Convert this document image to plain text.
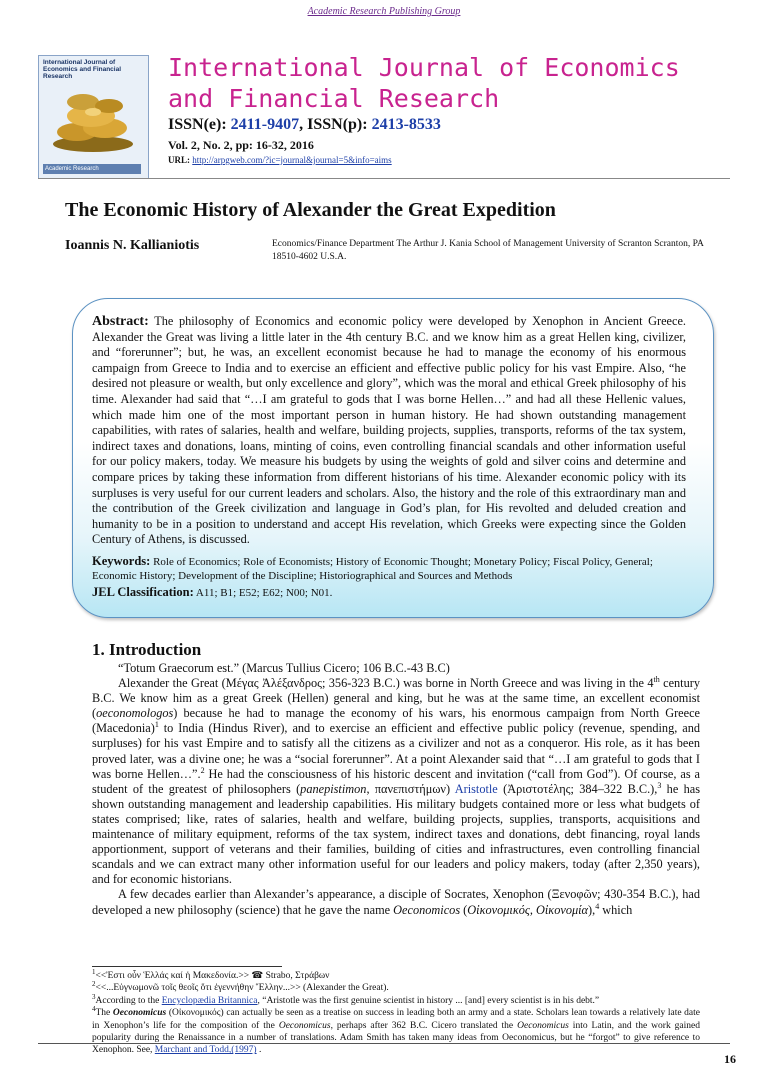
Academic Research Publishing Group
International Journal of Economics and Financial Research
Academic Research
International Journal of Economics and Financial Research
ISSN(e): 2411-9407, ISSN(p): 2413-8533
Vol. 2, No. 2, pp: 16-32, 2016
URL: http://arpgweb.com/?ic=journal&journal=5&info=aims
The Economic History of Alexander the Great Expedition
Ioannis N. Kallianiotis	Economics/Finance Department The Arthur J. Kania School of Management University of Scranton Scranton, PA 18510-4602 U.S.A.
Abstract: The philosophy of Economics and economic policy were developed by Xenophon in Ancient Greece. Alexander the Great was living a little later in the 4th century B.C. and we know him as a great Hellen king, civilizer, and “forerunner”; but, he was, an excellent economist because he had to manage the economy of his enormous campaign from Greece to India and to exercise an efficient and effective public policy for his vast Empire. Also, “he desired not pleasure or wealth, but only excellence and glory”, which was the moral and ethical Greek philosophy of his time. Alexander had said that “…I am grateful to gods that I was borne Hellen…” and had all these Hellenic values, which made him one of the most important person in human history. He had shown outstanding management capabilities, with rates of salaries, health and welfare, building projects, supplies, transports, reforms of the tax system, indirect taxes and donations, loans, minting of coins, even controlling financial scandals and other information useful for our policy makers, today. We measure his budgets by using the weights of gold and silver coins and determine and compare prices by taking these information from different historians of his time. Alexander economic policy with its surpluses is very useful for our current leaders and scholars. Also, the history and the role of this extraordinary man and the contribution of the Greek civilization and language in God’s plan, for His revolted and deluded creation and humanity to be in a position to understand and accept His revelation, which Greeks were expecting since the Golden Century of Athens, is discussed.
Keywords: Role of Economics; Role of Economists; History of Economic Thought; Monetary Policy; Fiscal Policy, General; Economic History; Development of the Discipline; Historiographical and Sources and Methods
JEL Classification: A11; B1; E52; E62; N00; N01.
1. Introduction

“Totum Graecorum est.” (Marcus Tullius Cicero; 106 B.C.-43 B.C)

Alexander the Great (Μέγας Ἀλέξανδρος; 356-323 B.C.) was borne in North Greece and was living in the 4th century B.C. We know him as a great Greek (Hellen) general and king, but he was at the same time, an excellent economist (oeconomologos) because he had to manage the economy of his wars, his enormous campaign from North Greece (Macedonia)$^1$ to India (Hindus River), and to exercise an efficient and effective public policy (revenue, spending, and surpluses) for his vast Empire and to satisfy all the citizens as a civilizer and not as a conqueror. His role, as it has been proved later, was a divine one; he was a “social forerunner”. At a point Alexander said that “…I am grateful to gods that I was borne Hellen…”.$^2$ He had the consciousness of his historic descent and invitation (“call from God”). Of course, as a student of the greatest of philosophers (panepistimon, πανεπιστήμων) Aristotle (Ἀριστοτέλης; 384–322 B.C.),$^3$ he has shown outstanding management and leadership capabilities. His military budgets contained more or less what budgets of states comprised; like, rates of salaries, health and welfare, building projects, supplies, transports, acquisitions and maintenance of military equipment, reforms of the tax system, indirect taxes and donations, debt financing, royal lands apportionment, support of veterans and their families, building of cities and infrastructures, even controlling financial scandals and we can extract many other information useful for our leaders and policy makers, today (after 2,350 years), and for economic historians.

A few decades earlier than Alexander’s appearance, a disciple of Socrates, Xenophon (Ξενοφῶν; 430-354 B.C.), had developed a new philosophy (science) that he gave the name Oeconomicos (Οἰκονομικός, Οἰκονομία),$^4$ which

$^1$<<Ἐστι οὖν Ἑλλάς καί ἡ Μακεδονία.>> ☎ Strabo, Στράβων

$^2$<<...Εὐγνωμονῶ τοῖς θεοῖς ὅτι ἐγεννήθην Ἕλλην...>> (Alexander the Great).

$^3$According to the Encyclopædia Britannica, “Aristotle was the first genuine scientist in history ... [and] every scientist is in his debt.”

$^4$The Oeconomicus (Οἰκονομικός) can actually be seen as a treatise on success in leading both an army and a state. Scholars lean towards a relatively late date in Xenophon’s life for the composition of the Oeconomicus, perhaps after 362 B.C. Cicero translated the Oeconomicus into Latin, and the work gained popularity during the Renaissance in a number of translations. Adam Smith has taken many ideas from Oeconomicus, but he “forgot” to give reference to Xenophon. See, Marchant and Todd,(1997) .

16
